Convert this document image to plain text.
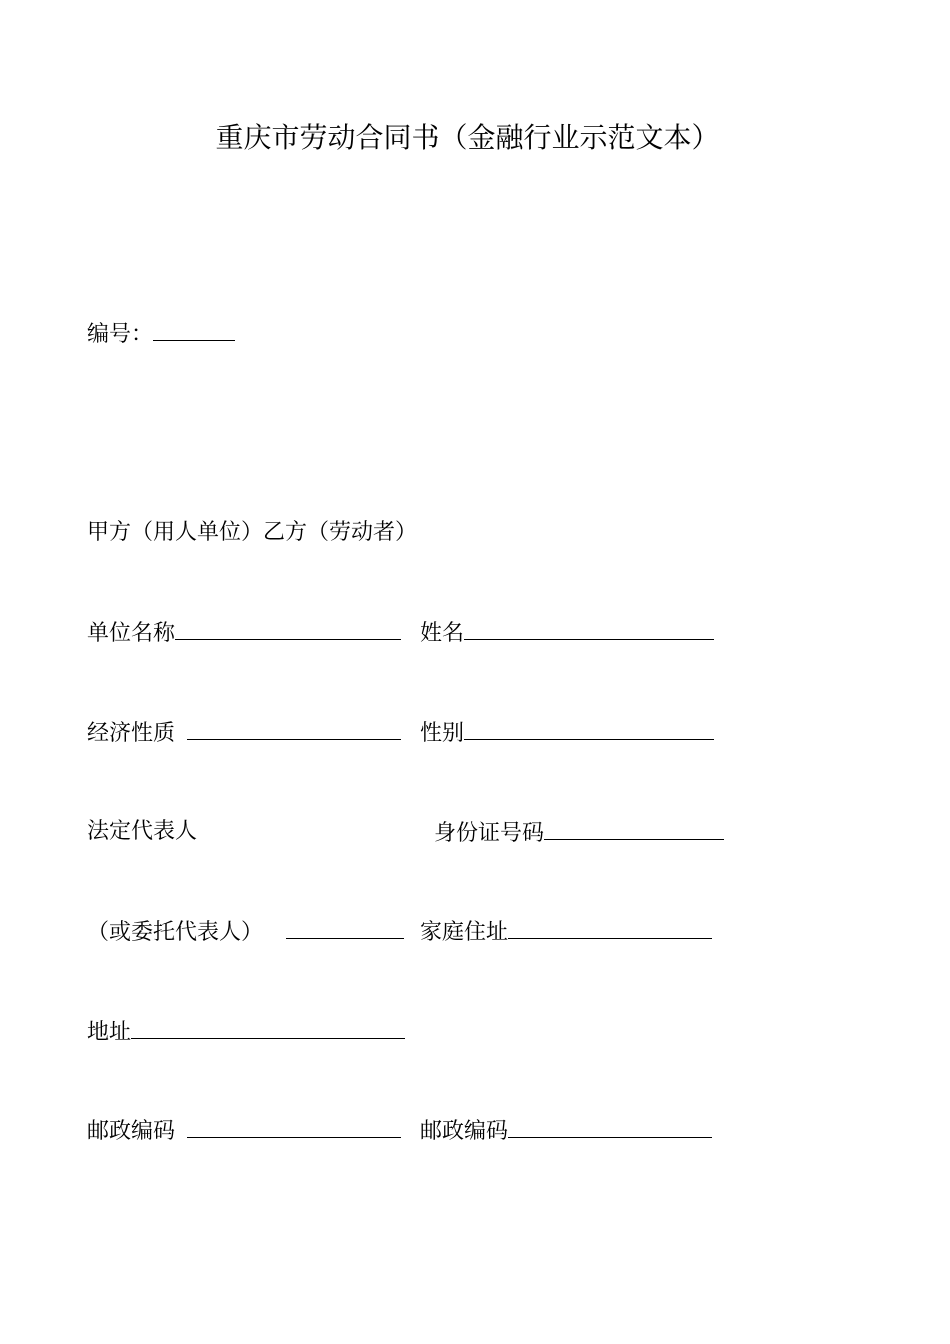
重庆市劳动合同书（金融行业示范文本）
编号：
甲方（用人单位）乙方（劳动者）
单位名称	姓名
经济性质	性别
法定代表人	身份证号码
（或委托代表人）	家庭住址
地址
邮政编码	邮政编码
